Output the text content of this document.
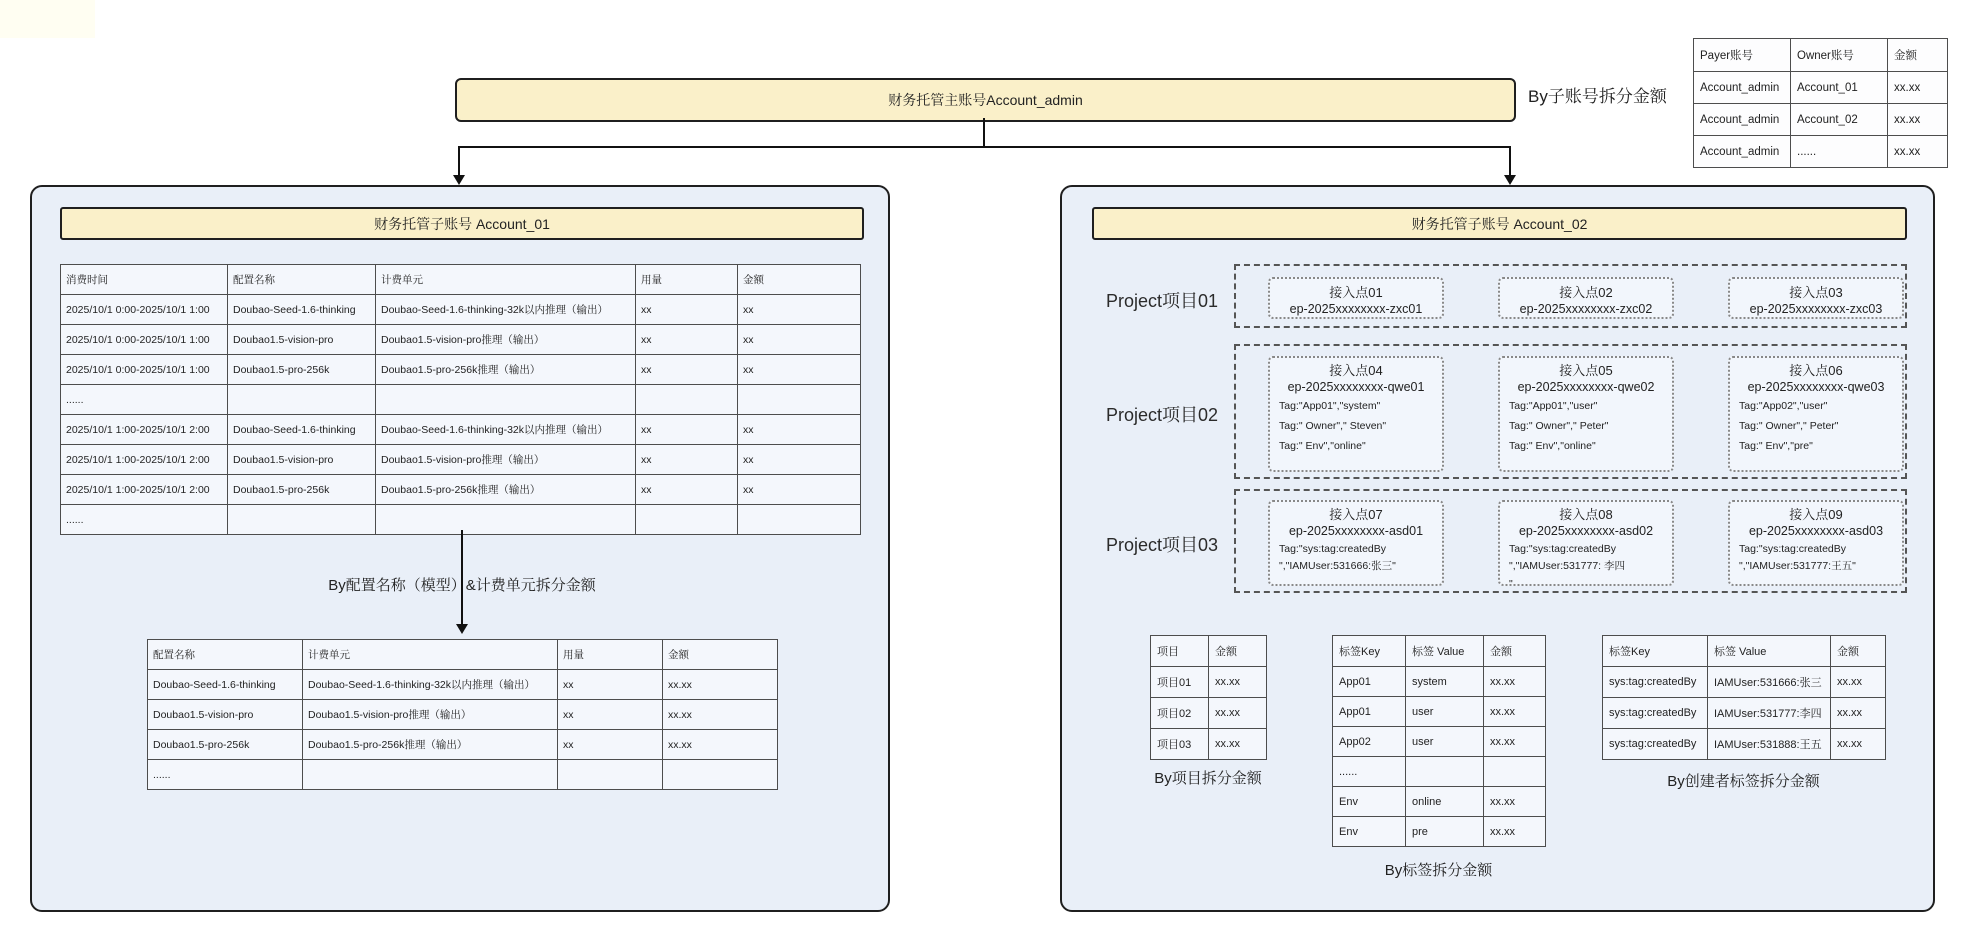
财务托管主账号Account_admin	By子账号拆分金额
Payer账号	Owner账号	金额
Account_admin	Account_01	xx.xx
Account_admin	Account_02	xx.xx
Account_admin	......	xx.xx
财务托管子账号 Account_01
消费时间	配置名称	计费单元	用量	金额
2025/10/1 0:00-2025/10/1 1:00	Doubao-Seed-1.6-thinking	Doubao-Seed-1.6-thinking-32k以内推理（输出）	xx	xx
2025/10/1 0:00-2025/10/1 1:00	Doubao1.5-vision-pro	Doubao1.5-vision-pro推理（输出）	xx	xx
2025/10/1 0:00-2025/10/1 1:00	Doubao1.5-pro-256k	Doubao1.5-pro-256k推理（输出）	xx	xx
......				
2025/10/1 1:00-2025/10/1 2:00	Doubao-Seed-1.6-thinking	Doubao-Seed-1.6-thinking-32k以内推理（输出）	xx	xx
2025/10/1 1:00-2025/10/1 2:00	Doubao1.5-vision-pro	Doubao1.5-vision-pro推理（输出）	xx	xx
2025/10/1 1:00-2025/10/1 2:00	Doubao1.5-pro-256k	Doubao1.5-pro-256k推理（输出）	xx	xx
......				
By配置名称（模型）&计费单元拆分金额
配置名称	计费单元	用量	金额
Doubao-Seed-1.6-thinking	Doubao-Seed-1.6-thinking-32k以内推理（输出）	xx	xx.xx
Doubao1.5-vision-pro	Doubao1.5-vision-pro推理（输出）	xx	xx.xx
Doubao1.5-pro-256k	Doubao1.5-pro-256k推理（输出）	xx	xx.xx
......			
财务托管子账号 Account_02
Project项目01	接入点01
ep-2025xxxxxxxx-zxc01
接入点02
ep-2025xxxxxxxx-zxc02
接入点03
ep-2025xxxxxxxx-zxc03
Project项目02
接入点04
ep-2025xxxxxxxx-qwe01
Tag:"App01","system"
Tag:" Owner"," Steven"
Tag:" Env","online"
接入点05
ep-2025xxxxxxxx-qwe02
Tag:"App01","user"
Tag:" Owner"," Peter"
Tag:" Env","online"
接入点06
ep-2025xxxxxxxx-qwe03
Tag:"App02","user"
Tag:" Owner"," Peter"
Tag:" Env","pre"
Project项目03
接入点07
ep-2025xxxxxxxx-asd01
Tag:"sys:tag:createdBy
","IAMUser:531666:张三"
接入点08
ep-2025xxxxxxxx-asd02
Tag:"sys:tag:createdBy
","IAMUser:531777: 李四
"
接入点09
ep-2025xxxxxxxx-asd03
Tag:"sys:tag:createdBy
","IAMUser:531777:王五"
项目	金额
项目01	xx.xx
项目02	xx.xx
项目03	xx.xx
By项目拆分金额
标签Key	标签 Value	金额
App01	system	xx.xx
App01	user	xx.xx
App02	user	xx.xx
......		
Env	online	xx.xx
Env	pre	xx.xx
By标签拆分金额
标签Key	标签 Value	金额
sys:tag:createdBy	IAMUser:531666:张三	xx.xx
sys:tag:createdBy	IAMUser:531777:李四	xx.xx
sys:tag:createdBy	IAMUser:531888:王五	xx.xx
By创建者标签拆分金额
